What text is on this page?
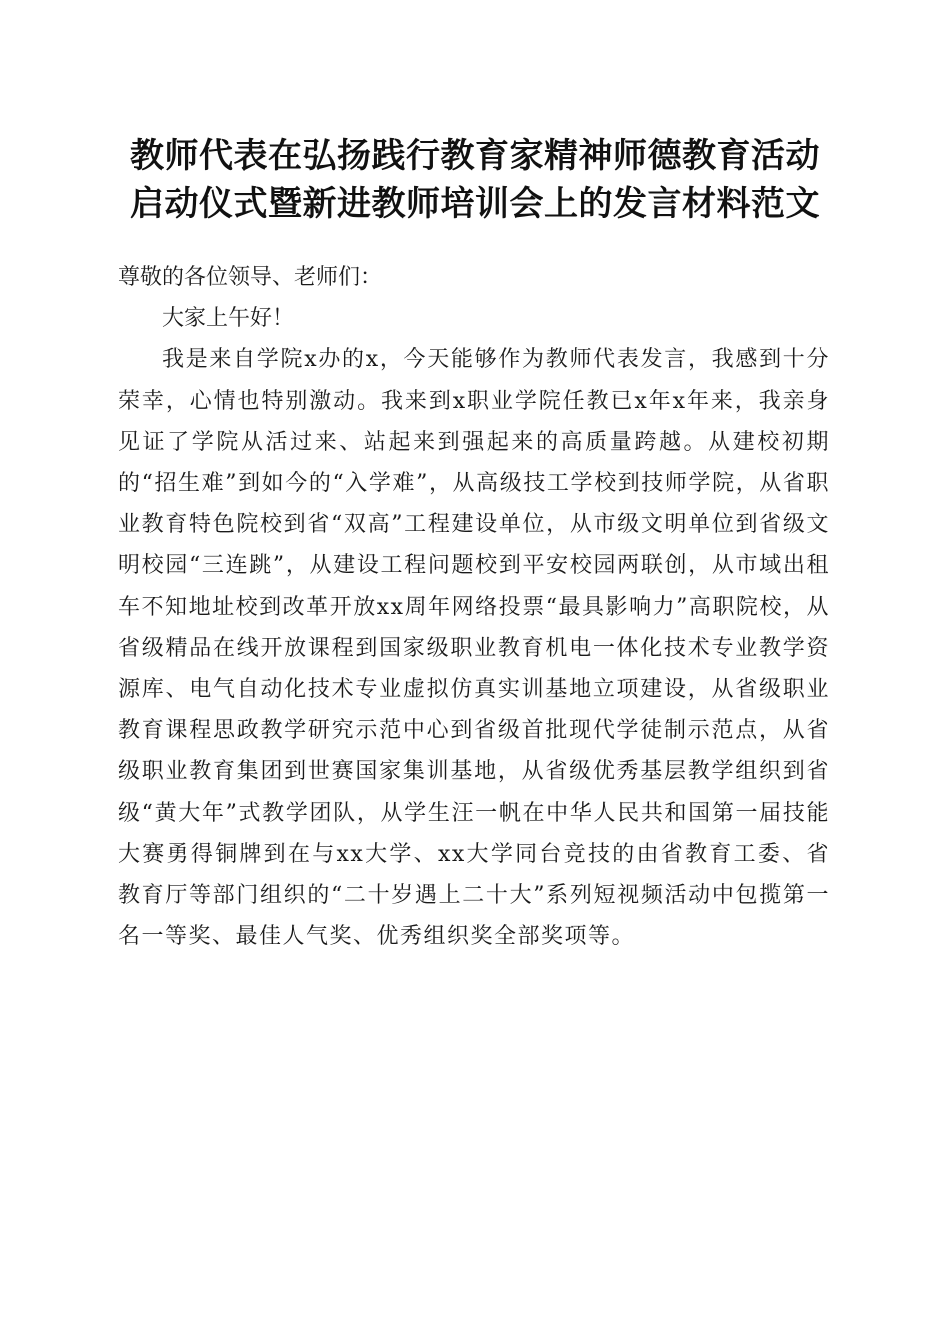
教师代表在弘扬践行教育家精神师德教育活动
启动仪式暨新进教师培训会上的发言材料范文

尊敬的各位领导、老师们：

大家上午好！

我是来自学院x办的x，今天能够作为教师代表发言，我感到十分荣幸，心情也特别激动。我来到x职业学院任教已x年x年来，我亲身见证了学院从活过来、站起来到强起来的高质量跨越。从建校初期的“招生难”到如今的“入学难”，从高级技工学校到技师学院，从省职业教育特色院校到省“双高”工程建设单位，从市级文明单位到省级文明校园“三连跳”，从建设工程问题校到平安校园两联创，从市域出租车不知地址校到改革开放xx周年网络投票“最具影响力”高职院校，从省级精品在线开放课程到国家级职业教育机电一体化技术专业教学资源库、电气自动化技术专业虚拟仿真实训基地立项建设，从省级职业教育课程思政教学研究示范中心到省级首批现代学徒制示范点，从省级职业教育集团到世赛国家集训基地，从省级优秀基层教学组织到省级“黄大年”式教学团队，从学生汪一帆在中华人民共和国第一届技能大赛勇得铜牌到在与xx大学、xx大学同台竞技的由省教育工委、省教育厅等部门组织的“二十岁遇上二十大”系列短视频活动中包揽第一名一等奖、最佳人气奖、优秀组织奖全部奖项等。
